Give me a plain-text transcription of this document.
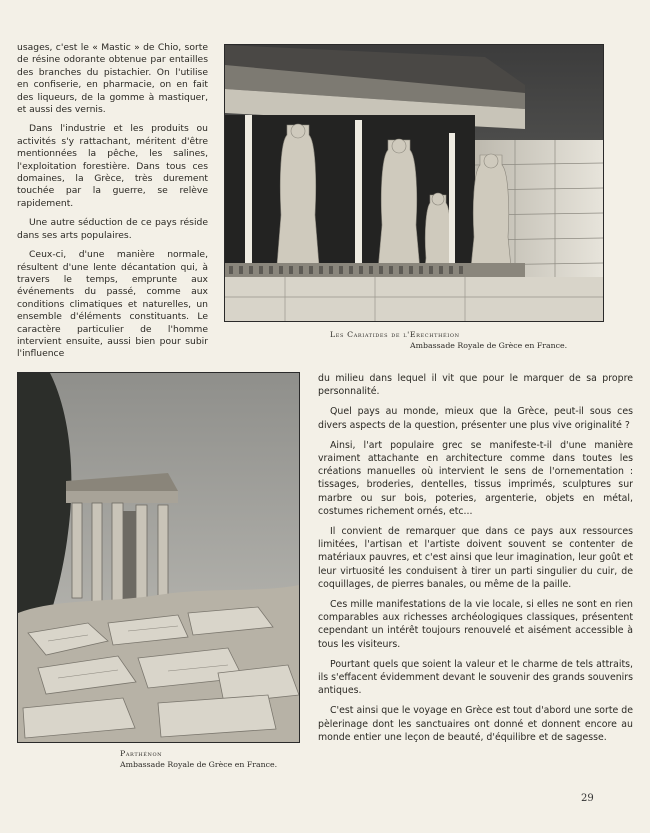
usages, c'est le « Mastic » de Chio, sorte de résine odorante obtenue par entailles des branches du pistachier. On l'utilise en confiserie, en pharmacie, on en fait des liqueurs, de la gomme à mastiquer, et aussi des vernis.

Dans l'industrie et les produits ou activités s'y rattachant, méritent d'être mentionnées la pêche, les salines, l'exploitation forestière. Dans tous ces domaines, la Grèce, très durement touchée par la guerre, se relève rapidement.

Une autre séduction de ce pays réside dans ses arts populaires.

Ceux-ci, d'une manière normale, résultent d'une lente décantation qui, à travers le temps, emprunte aux événements du passé, comme aux conditions climatiques et naturelles, un ensemble d'éléments constituants. Le caractère particulier de l'homme intervient ensuite, aussi bien pour subir l'influence

Les Cariatides de l'Erechthéion
Ambassade Royale de Grèce en France.
Parthénon
Ambassade Royale de Grèce en France.

du milieu dans lequel il vit que pour le marquer de sa propre personnalité.

Quel pays au monde, mieux que la Grèce, peut-il sous ces divers aspects de la question, présenter une plus vive originalité ?

Ainsi, l'art populaire grec se manifeste-t-il d'une manière vraiment attachante en architecture comme dans toutes les créations manuelles où intervient le sens de l'ornementation : tissages, broderies, dentelles, tissus imprimés, sculptures sur marbre ou sur bois, poteries, argenterie, objets en métal, costumes richement ornés, etc...

Il convient de remarquer que dans ce pays aux ressources limitées, l'artisan et l'artiste doivent souvent se contenter de matériaux pauvres, et c'est ainsi que leur imagination, leur goût et leur virtuosité les conduisent à tirer un parti singulier du cuir, de coquillages, de pierres banales, ou même de la paille.

Ces mille manifestations de la vie locale, si elles ne sont en rien comparables aux richesses archéologiques classiques, présentent cependant un intérêt toujours renouvelé et aisément accessible à tous les visiteurs.

Pourtant quels que soient la valeur et le charme de tels attraits, ils s'effacent évidemment devant le souvenir des grands souvenirs antiques.

C'est ainsi que le voyage en Grèce est tout d'abord une sorte de pèlerinage dont les sanctuaires ont donné et donnent encore au monde entier une leçon de beauté, d'équilibre et de sagesse.

29
